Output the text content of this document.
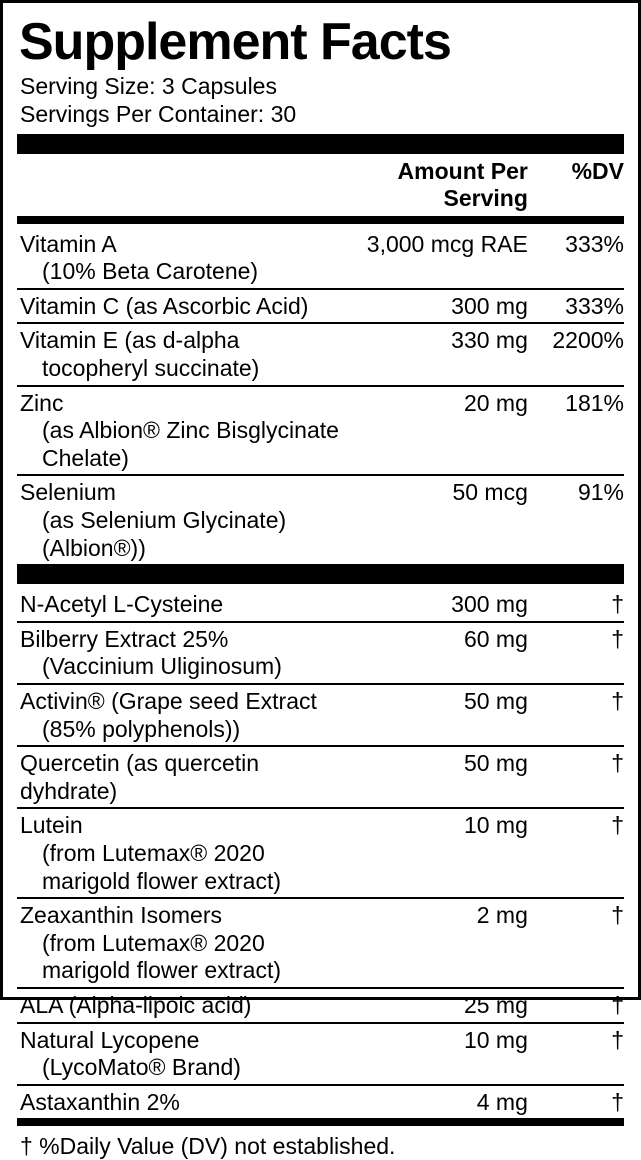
Supplement Facts
Serving Size: 3 Capsules
Servings Per Container: 30
	Amount Per Serving	%DV
Vitamin A
(10% Beta Carotene)	3,000 mcg RAE	333%

Vitamin C (as Ascorbic Acid)	300 mg	333%

Vitamin E (as d-alpha
tocopheryl succinate)	330 mg	2200%

Zinc
(as Albion® Zinc Bisglycinate Chelate)	20 mg	181%

Selenium
(as Selenium Glycinate) (Albion®))	50 mcg	91%
N-Acetyl L-Cysteine	300 mg	†

Bilberry Extract 25%
(Vaccinium Uliginosum)	60 mg	†

Activin® (Grape seed Extract
(85% polyphenols))	50 mg	†

Quercetin (as quercetin dyhdrate)	50 mg	†

Lutein
(from Lutemax® 2020 marigold flower extract)	10 mg	†

Zeaxanthin Isomers
(from Lutemax® 2020 marigold flower extract)	2 mg	†

ALA (Alpha-lipoic acid)	25 mg	†

Natural Lycopene
(LycoMato® Brand)	10 mg	†

Astaxanthin 2%	4 mg	†
† %Daily Value (DV) not established.
